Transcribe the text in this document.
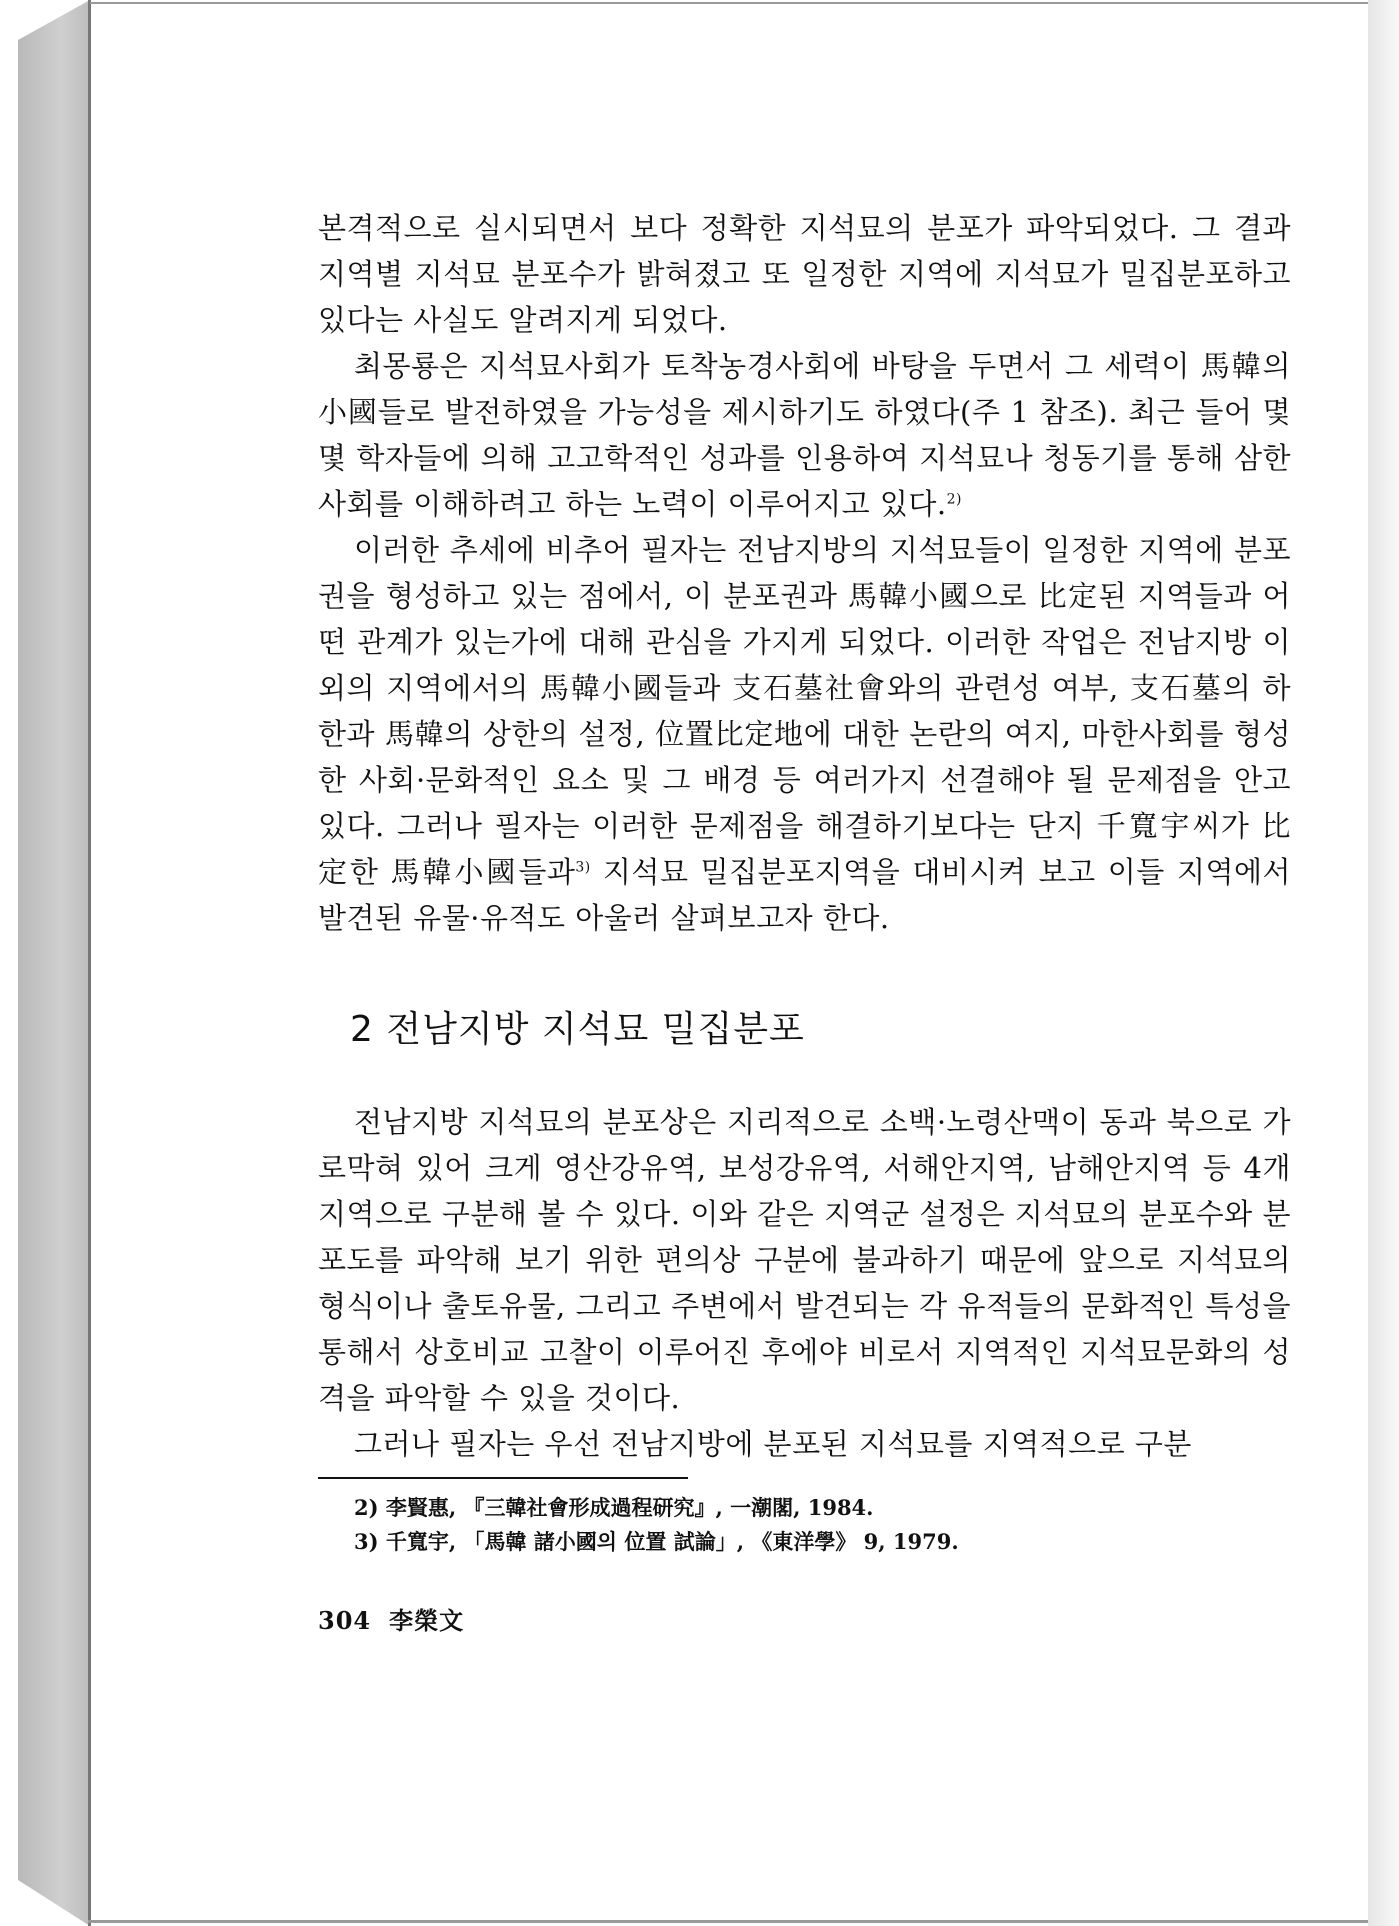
본격적으로 실시되면서 보다 정확한 지석묘의 분포가 파악되었다. 그 결과 지역별 지석묘 분포수가 밝혀졌고 또 일정한 지역에 지석묘가 밀집분포하고 있다는 사실도 알려지게 되었다.

최몽룡은 지석묘사회가 토착농경사회에 바탕을 두면서 그 세력이 馬韓의 小國들로 발전하였을 가능성을 제시하기도 하였다(주 1 참조). 최근 들어 몇몇 학자들에 의해 고고학적인 성과를 인용하여 지석묘나 청동기를 통해 삼한사회를 이해하려고 하는 노력이 이루어지고 있다.$^{2)}$

이러한 추세에 비추어 필자는 전남지방의 지석묘들이 일정한 지역에 분포권을 형성하고 있는 점에서, 이 분포권과 馬韓小國으로 比定된 지역들과 어떤 관계가 있는가에 대해 관심을 가지게 되었다. 이러한 작업은 전남지방 이외의 지역에서의 馬韓小國들과 支石墓社會와의 관련성 여부, 支石墓의 하한과 馬韓의 상한의 설정, 位置比定地에 대한 논란의 여지, 마한사회를 형성한 사회·문화적인 요소 및 그 배경 등 여러가지 선결해야 될 문제점을 안고 있다. 그러나 필자는 이러한 문제점을 해결하기보다는 단지 千寬宇씨가 比定한 馬韓小國들과$^{3)}$ 지석묘 밀집분포지역을 대비시켜 보고 이들 지역에서 발견된 유물·유적도 아울러 살펴보고자 한다.

2 전남지방 지석묘 밀집분포

전남지방 지석묘의 분포상은 지리적으로 소백·노령산맥이 동과 북으로 가로막혀 있어 크게 영산강유역, 보성강유역, 서해안지역, 남해안지역 등 4개지역으로 구분해 볼 수 있다. 이와 같은 지역군 설정은 지석묘의 분포수와 분포도를 파악해 보기 위한 편의상 구분에 불과하기 때문에 앞으로 지석묘의 형식이나 출토유물, 그리고 주변에서 발견되는 각 유적들의 문화적인 특성을 통해서 상호비교 고찰이 이루어진 후에야 비로서 지역적인 지석묘문화의 성격을 파악할 수 있을 것이다.

그러나 필자는 우선 전남지방에 분포된 지석묘를 지역적으로 구분

2) 李賢惠, 『三韓社會形成過程研究』, 一潮閣, 1984.
3) 千寬宇, 「馬韓 諸小國의 位置 試論」, 《東洋學》 9, 1979.
304 李榮文
